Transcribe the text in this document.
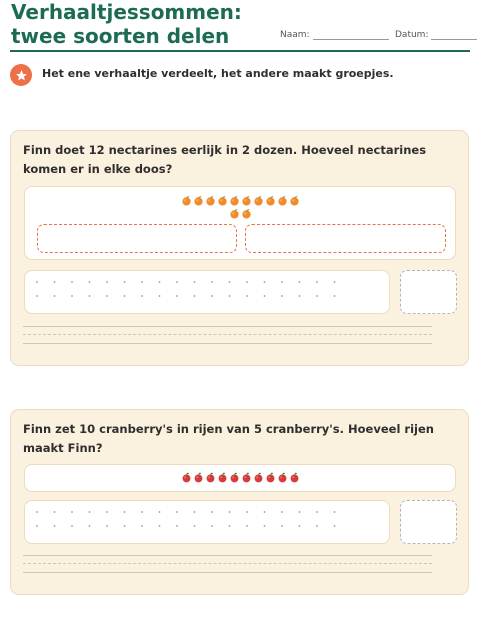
Verhaaltjessommen: twee soorten delen	Naam:	Datum:
Het ene verhaaltje verdeelt, het andere maakt groepjes.
Finn doet 12 nectarines eerlijk in 2 dozen. Hoeveel nectarines komen er in elke doos?
Finn zet 10 cranberry's in rijen van 5 cranberry's. Hoeveel rijen maakt Finn?
